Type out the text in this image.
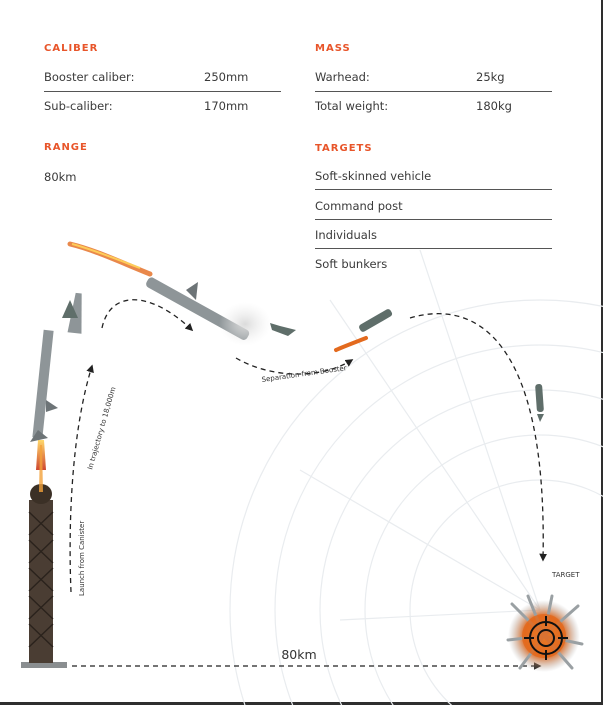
CALIBER
Booster caliber:	250mm
Sub-caliber:	170mm
MASS
Warhead:	25kg
Total weight:	180kg
RANGE
80km
TARGETS
Soft-skinned vehicle
Command post
Individuals
Soft bunkers
Launch from Canister
In trajectory to 18,000m
Separation from Booster
TARGET
80km
